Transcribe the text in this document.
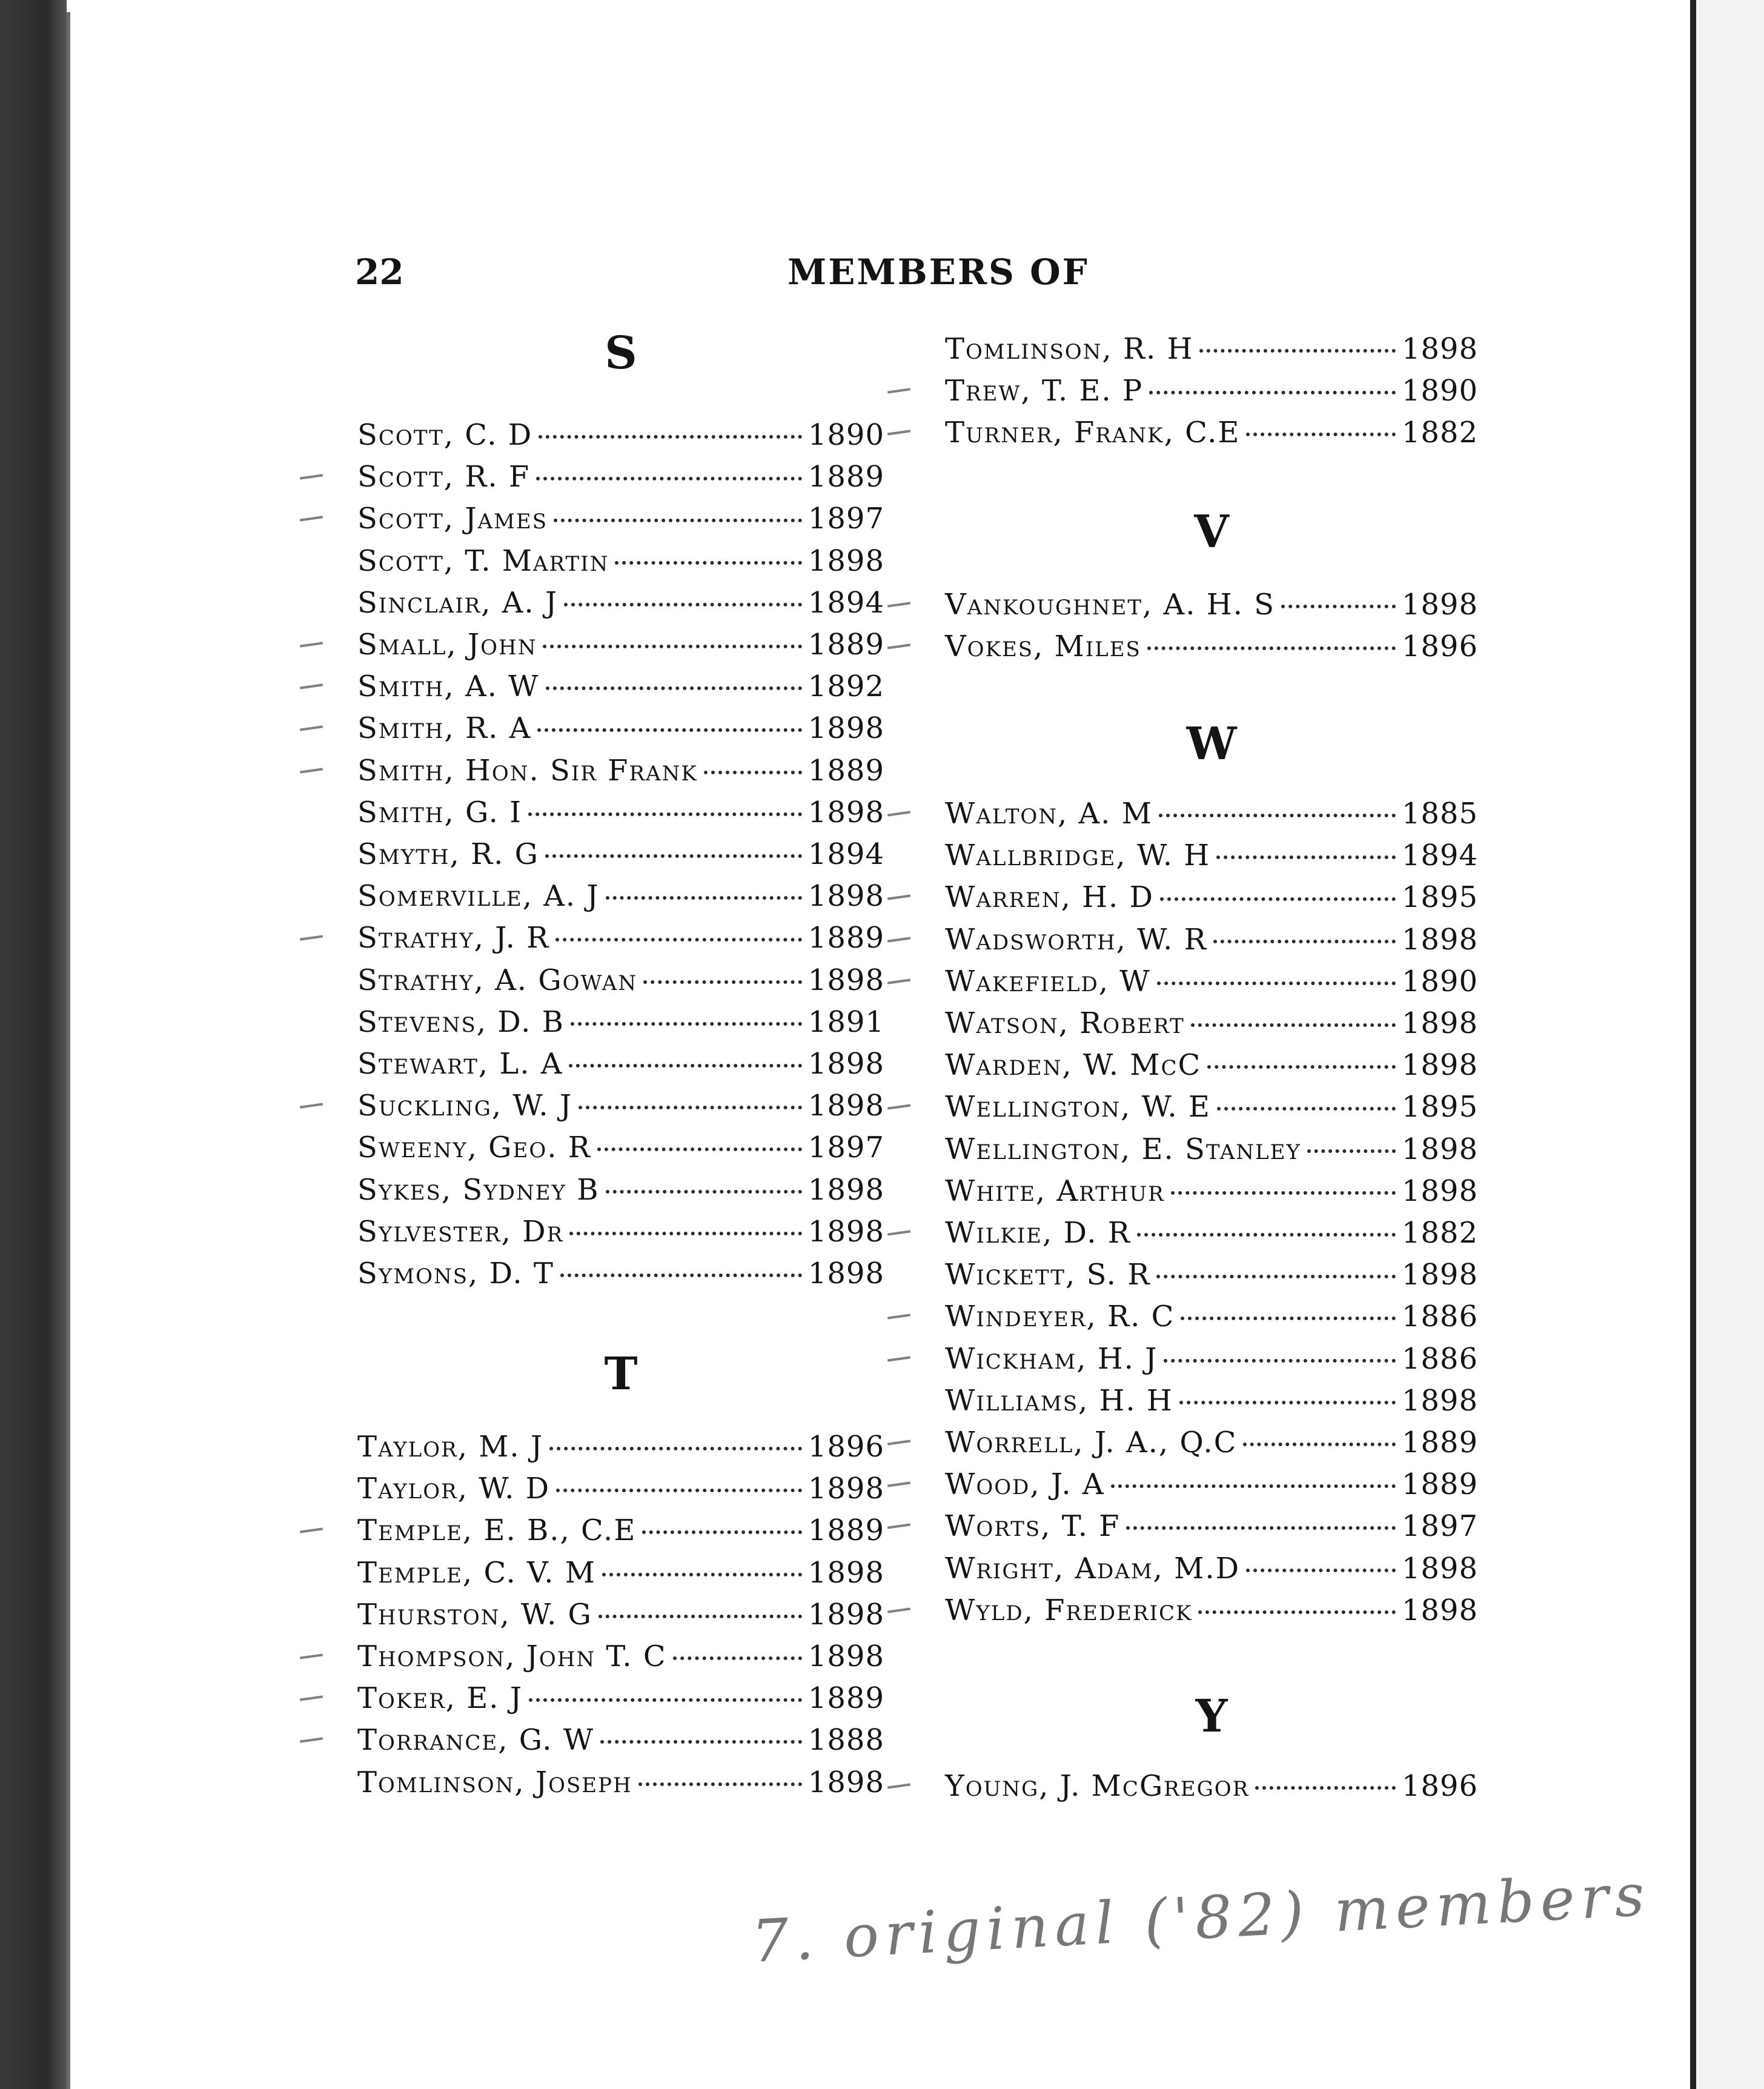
22	MEMBERS OF
S
Scott, C. D	1890
Scott, R. F	1889
Scott, James	1897
Scott, T. Martin	1898
Sinclair, A. J	1894
Small, John	1889
Smith, A. W	1892
Smith, R. A	1898
Smith, Hon. Sir Frank	1889
Smith, G. I	1898
Smyth, R. G	1894
Somerville, A. J	1898
Strathy, J. R	1889
Strathy, A. Gowan	1898
Stevens, D. B	1891
Stewart, L. A	1898
Suckling, W. J	1898
Sweeny, Geo. R	1897
Sykes, Sydney B	1898
Sylvester, Dr	1898
Symons, D. T	1898
T
Taylor, M. J	1896
Taylor, W. D	1898
Temple, E. B., C.E	1889
Temple, C. V. M	1898
Thurston, W. G	1898
Thompson, John T. C	1898
Toker, E. J	1889
Torrance, G. W	1888
Tomlinson, Joseph	1898
Tomlinson, R. H	1898
Trew, T. E. P	1890
Turner, Frank, C.E	1882
V
Vankoughnet, A. H. S	1898
Vokes, Miles	1896
W
Walton, A. M	1885
Wallbridge, W. H	1894
Warren, H. D	1895
Wadsworth, W. R	1898
Wakefield, W	1890
Watson, Robert	1898
Warden, W. McC	1898
Wellington, W. E	1895
Wellington, E. Stanley	1898
White, Arthur	1898
Wilkie, D. R	1882
Wickett, S. R	1898
Windeyer, R. C	1886
Wickham, H. J	1886
Williams, H. H	1898
Worrell, J. A., Q.C	1889
Wood, J. A	1889
Worts, T. F	1897
Wright, Adam, M.D	1898
Wyld, Frederick	1898
Y
Young, J. McGregor	1896
7. original ('82) members
